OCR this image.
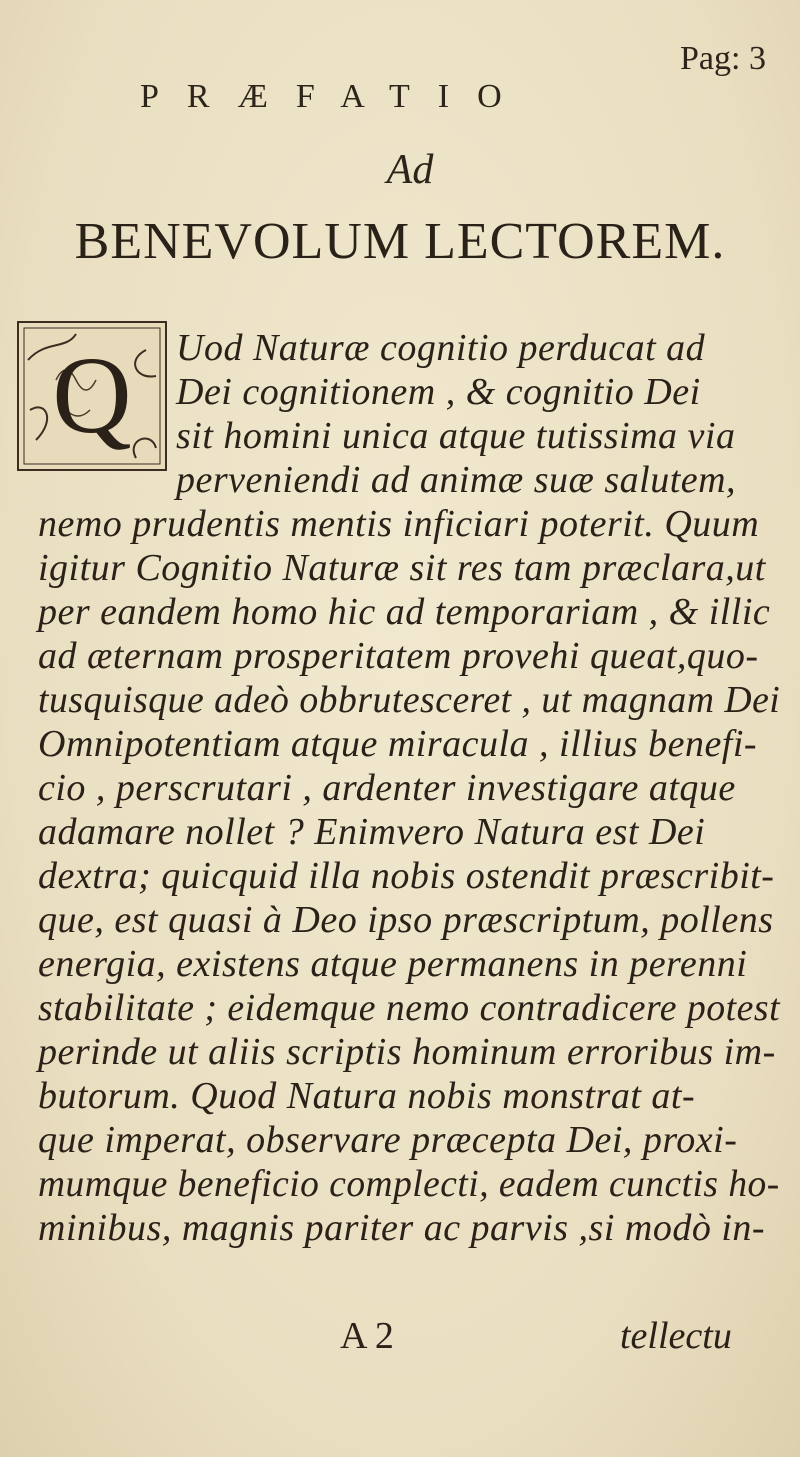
Pag: 3
PRÆFATIO
Ad
BENEVOLUM LECTOREM.
Q Uod Naturæ cognitio perducat ad
Dei cognitionem , & cognitio Dei
sit homini unica atque tutissima via
perveniendi ad animæ suæ salutem,
nemo prudentis mentis inficiari poterit. Quum
igitur Cognitio Naturæ sit res tam præclara,ut
per eandem homo hic ad temporariam , & illic
ad æternam prosperitatem provehi queat,quo-
tusquisque adeò obbrutesceret , ut magnam Dei
Omnipotentiam atque miracula , illius benefi-
cio , perscrutari , ardenter investigare atque
adamare nollet ? Enimvero Natura est Dei
dextra; quicquid illa nobis ostendit præscribit-
que, est quasi à Deo ipso præscriptum, pollens
energia, existens atque permanens in perenni
stabilitate ; eidemque nemo contradicere potest
perinde ut aliis scriptis hominum erroribus im-
butorum. Quod Natura nobis monstrat at-
que imperat, observare præcepta Dei, proxi-
mumque beneficio complecti, eadem cunctis ho-
minibus, magnis pariter ac parvis ,si modò in-
A 2	tellectu
